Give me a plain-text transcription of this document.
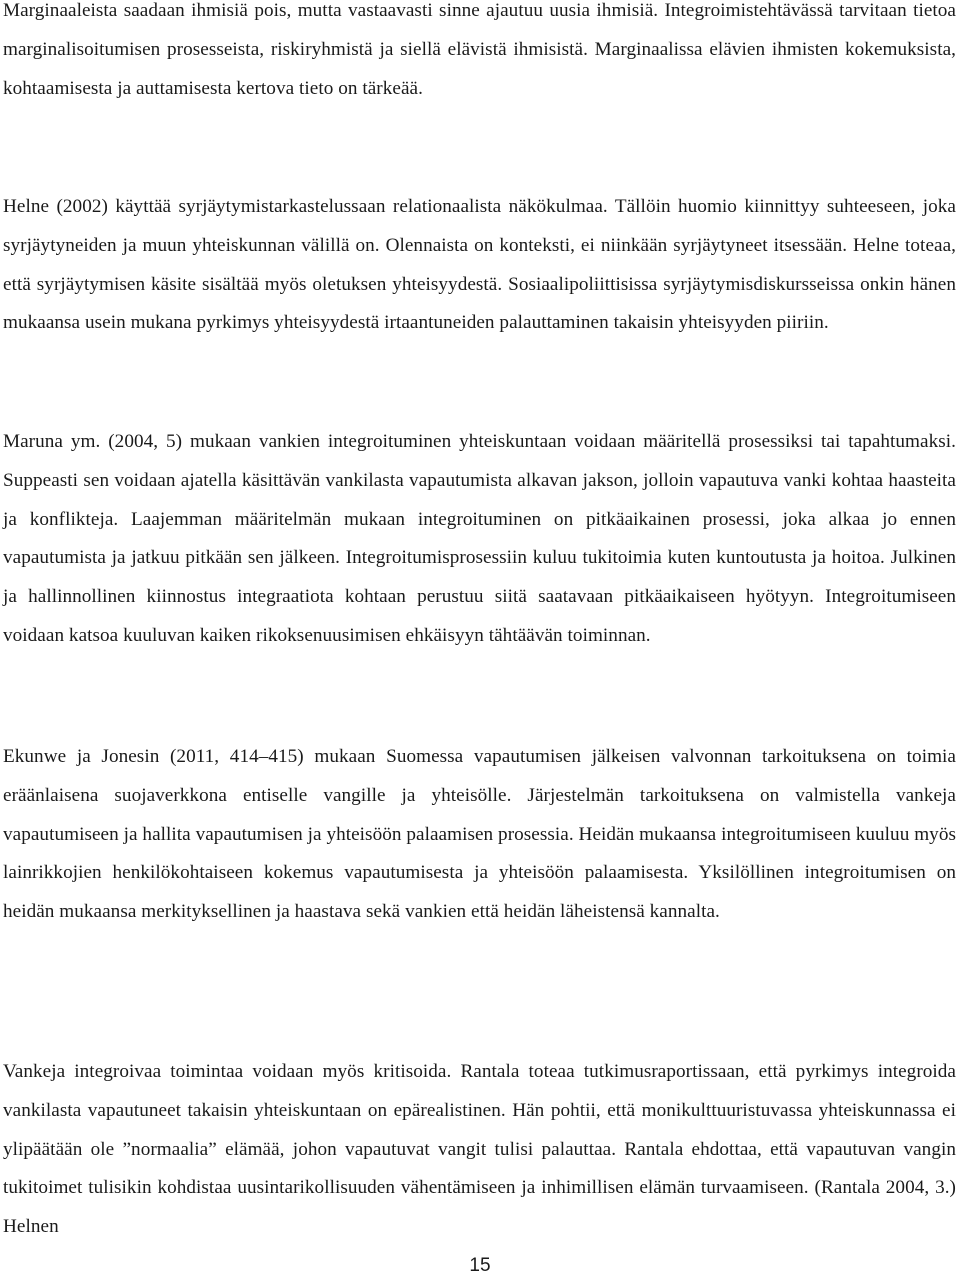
Marginaaleista saadaan ihmisiä pois, mutta vastaavasti sinne ajautuu uusia ihmisiä. Integroimistehtävässä tarvitaan tietoa marginalisoitumisen prosesseista, riskiryhmistä ja siellä elävistä ihmisistä. Marginaalissa elävien ihmisten kokemuksista, kohtaamisesta ja auttamisesta kertova tieto on tärkeää.

Helne (2002) käyttää syrjäytymistarkastelussaan relationaalista näkökulmaa. Tällöin huomio kiinnittyy suhteeseen, joka syrjäytyneiden ja muun yhteiskunnan välillä on. Olennaista on konteksti, ei niinkään syrjäytyneet itsessään. Helne toteaa, että syrjäytymisen käsite sisältää myös oletuksen yhteisyydestä. Sosiaalipoliittisissa syrjäytymisdiskursseissa onkin hänen mukaansa usein mukana pyrkimys yhteisyydestä irtaantuneiden palauttaminen takaisin yhteisyyden piiriin.

Maruna ym. (2004, 5) mukaan vankien integroituminen yhteiskuntaan voidaan määritellä prosessiksi tai tapahtumaksi. Suppeasti sen voidaan ajatella käsittävän vankilasta vapautumista alkavan jakson, jolloin vapautuva vanki kohtaa haasteita ja konflikteja. Laajemman määritelmän mukaan integroituminen on pitkäaikainen prosessi, joka alkaa jo ennen vapautumista ja jatkuu pitkään sen jälkeen. Integroitumisprosessiin kuluu tukitoimia kuten kuntoutusta ja hoitoa. Julkinen ja hallinnollinen kiinnostus integraatiota kohtaan perustuu siitä saatavaan pitkäaikaiseen hyötyyn. Integroitumiseen voidaan katsoa kuuluvan kaiken rikoksenuusimisen ehkäisyyn tähtäävän toiminnan.

Ekunwe ja Jonesin (2011, 414–415) mukaan Suomessa vapautumisen jälkeisen valvonnan tarkoituksena on toimia eräänlaisena suojaverkkona entiselle vangille ja yhteisölle. Järjestelmän tarkoituksena on valmistella vankeja vapautumiseen ja hallita vapautumisen ja yhteisöön palaamisen prosessia. Heidän mukaansa integroitumiseen kuuluu myös lainrikkojien henkilökohtaiseen kokemus vapautumisesta ja yhteisöön palaamisesta. Yksilöllinen integroitumisen on heidän mukaansa merkityksellinen ja haastava sekä vankien että heidän läheistensä kannalta.

Vankeja integroivaa toimintaa voidaan myös kritisoida. Rantala toteaa tutkimusraportissaan, että pyrkimys integroida vankilasta vapautuneet takaisin yhteiskuntaan on epärealistinen. Hän pohtii, että monikulttuuristuvassa yhteiskunnassa ei ylipäätään ole ”normaalia” elämää, johon vapautuvat vangit tulisi palauttaa. Rantala ehdottaa, että vapautuvan vangin tukitoimet tulisikin kohdistaa uusintarikollisuuden vähentämiseen ja inhimillisen elämän turvaamiseen. (Rantala 2004, 3.) Helnen

15
